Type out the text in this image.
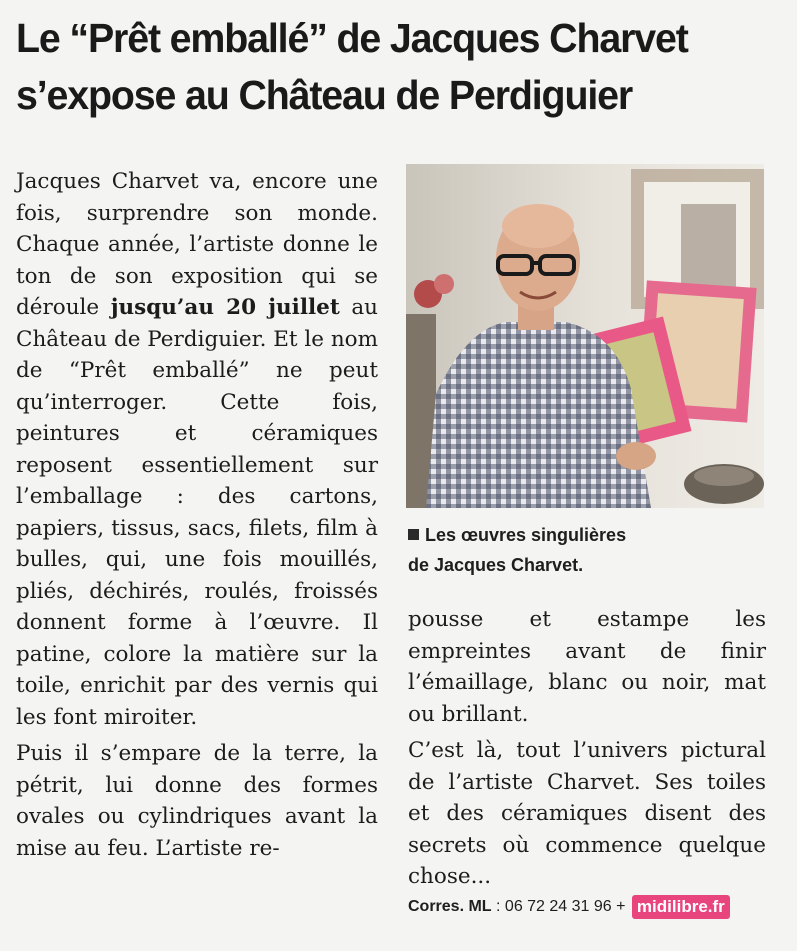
Le “Prêt emballé” de Jacques Charvet
s’expose au Château de Perdiguier

Jacques Charvet va, encore une fois, surprendre son monde. Chaque année, l’artiste donne le ton de son exposition qui se déroule jusqu’au 20 juillet au Château de Perdiguier. Et le nom de “Prêt emballé” ne peut qu’interroger. Cette fois, peintures et céramiques reposent essentiellement sur l’emballage : des cartons, papiers, tissus, sacs, filets, film à bulles, qui, une fois mouillés, pliés, déchirés, roulés, froissés donnent forme à l’œuvre. Il patine, colore la matière sur la toile, enrichit par des vernis qui les font miroiter.

Puis il s’empare de la terre, la pétrit, lui donne des formes ovales ou cylindriques avant la mise au feu. L’artiste re-

Les œuvres singulières
de Jacques Charvet.

pousse et estampe les empreintes avant de finir l’émaillage, blanc ou noir, mat ou brillant.

C’est là, tout l’univers pictural de l’artiste Charvet. Ses toiles et des céramiques disent des secrets où commence quelque chose...

Corres. ML : 06 72 24 31 96 + midilibre.fr
